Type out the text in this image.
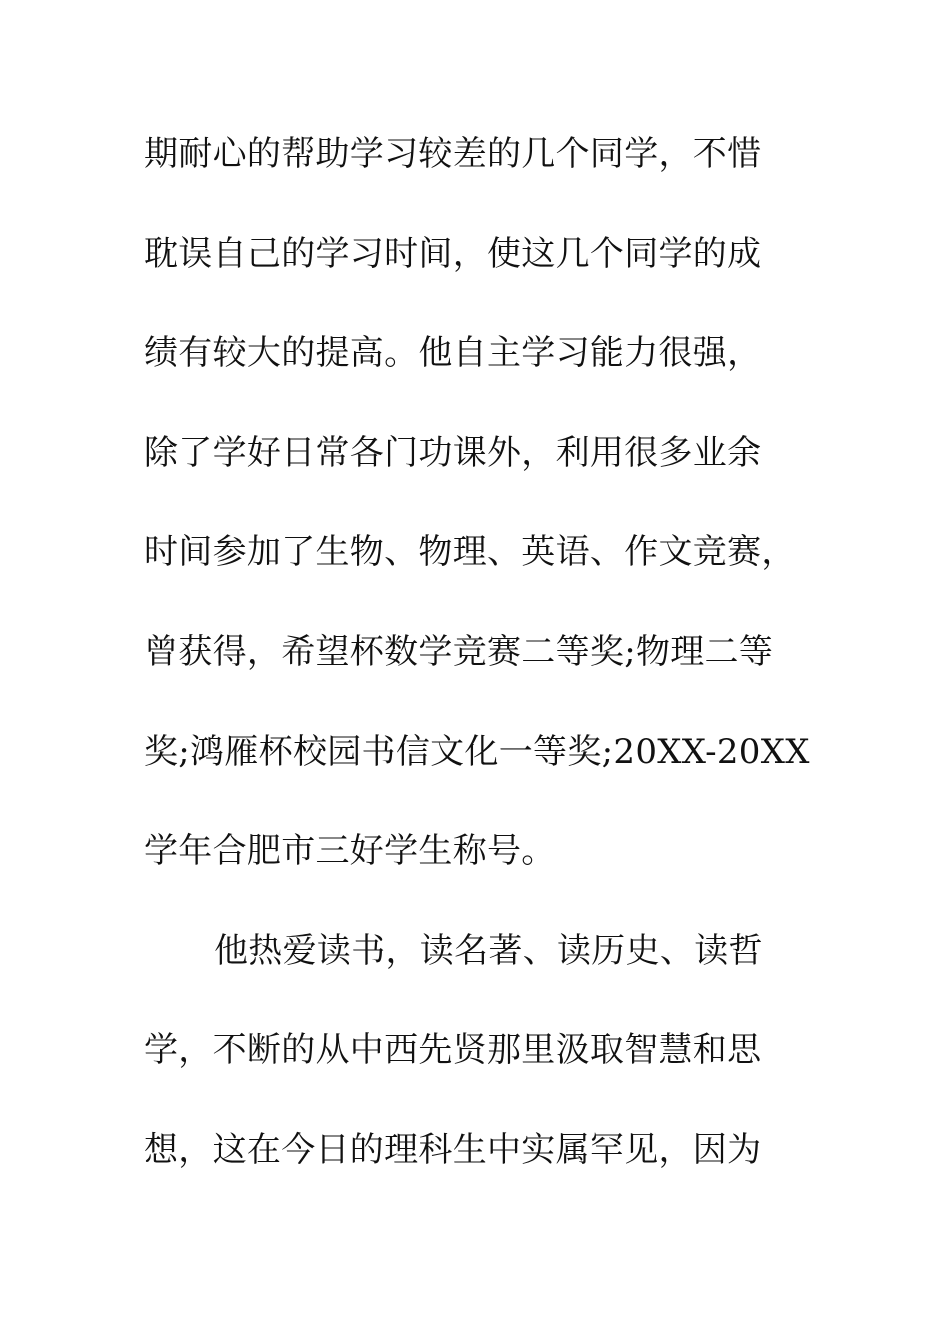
期耐心的帮助学习较差的几个同学，不惜
耽误自己的学习时间，使这几个同学的成
绩有较大的提高。他自主学习能力很强，
除了学好日常各门功课外，利用很多业余
时间参加了生物、物理、英语、作文竞赛，
曾获得，希望杯数学竞赛二等奖;物理二等
奖;鸿雁杯校园书信文化一等奖;20XX-20XX
学年合肥市三好学生称号。
他热爱读书，读名著、读历史、读哲
学，不断的从中西先贤那里汲取智慧和思
想，这在今日的理科生中实属罕见，因为
